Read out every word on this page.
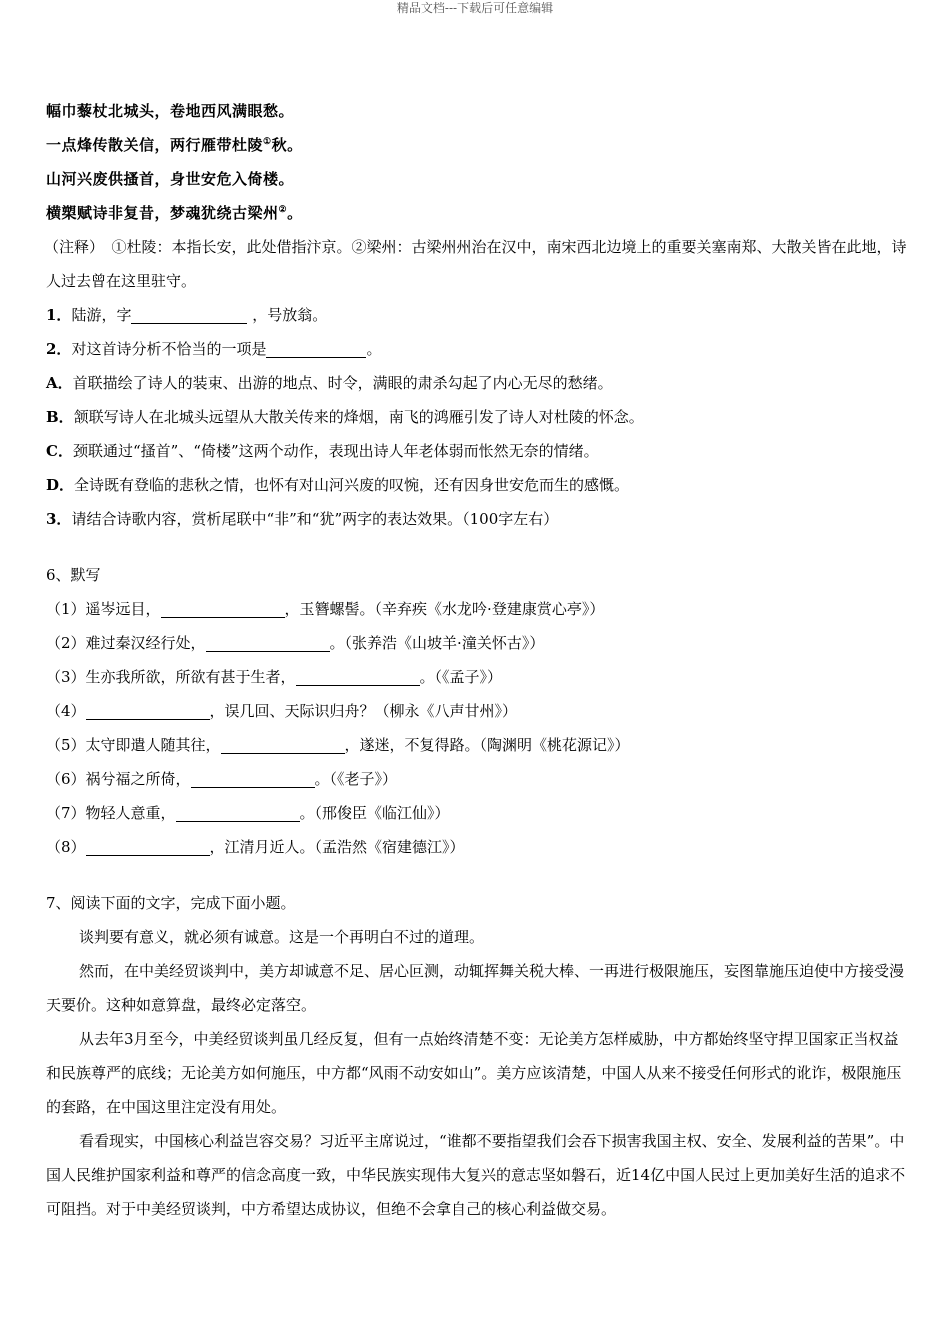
精品文档---下载后可任意编辑
幅巾藜杖北城头，卷地西风满眼愁。
一点烽传散关信，两行雁带杜陵①秋。
山河兴废供搔首，身世安危入倚楼。
横槊赋诗非复昔，梦魂犹绕古梁州②。
（注释）　①杜陵：本指长安，此处借指汴京。②梁州：古梁州州治在汉中，南宋西北边境上的重要关塞南郑、大散关皆在此地，诗人过去曾在这里驻守。
1．陆游，字	，号放翁。
2．对这首诗分析不恰当的一项是	。
A．首联描绘了诗人的装束、出游的地点、时令，满眼的肃杀勾起了内心无尽的愁绪。
B．颔联写诗人在北城头远望从大散关传来的烽烟，南飞的鸿雁引发了诗人对杜陵的怀念。
C．颈联通过“搔首”、“倚楼”这两个动作，表现出诗人年老体弱而怅然无奈的情绪。
D．全诗既有登临的悲秋之情，也怀有对山河兴废的叹惋，还有因身世安危而生的感慨。
3．请结合诗歌内容，赏析尾联中“非”和“犹”两字的表达效果。（100字左右）
6、默写
（1）遥岑远目，	，玉簪螺髻。（辛弃疾《水龙吟·登建康赏心亭》）
（2）难过秦汉经行处，	。（张养浩《山坡羊·潼关怀古》）
（3）生亦我所欲，所欲有甚于生者，	。（《孟子》）
（4）	，误几回、天际识归舟？（柳永《八声甘州》）
（5）太守即遣人随其往，	，遂迷，不复得路。（陶渊明《桃花源记》）
（6）祸兮福之所倚，	。（《老子》）
（7）物轻人意重，	。（邢俊臣《临江仙》）
（8）	，江清月近人。（孟浩然《宿建德江》）
7、阅读下面的文字，完成下面小题。
谈判要有意义，就必须有诚意。这是一个再明白不过的道理。
然而，在中美经贸谈判中，美方却诚意不足、居心叵测，动辄挥舞关税大棒、一再进行极限施压，妄图靠施压迫使中方接受漫天要价。这种如意算盘，最终必定落空。
从去年3月至今，中美经贸谈判虽几经反复，但有一点始终清楚不变：无论美方怎样威胁，中方都始终坚守捍卫国家正当权益和民族尊严的底线；无论美方如何施压，中方都“风雨不动安如山”。美方应该清楚，中国人从来不接受任何形式的讹诈，极限施压的套路，在中国这里注定没有用处。
看看现实，中国核心利益岂容交易？习近平主席说过，“谁都不要指望我们会吞下损害我国主权、安全、发展利益的苦果”。中国人民维护国家利益和尊严的信念高度一致，中华民族实现伟大复兴的意志坚如磐石，近14亿中国人民过上更加美好生活的追求不可阻挡。对于中美经贸谈判，中方希望达成协议，但绝不会拿自己的核心利益做交易。
